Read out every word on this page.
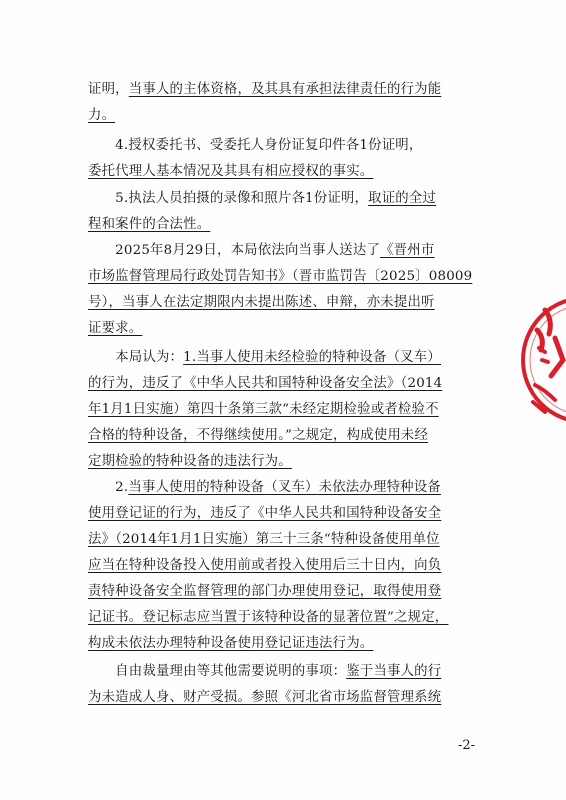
证明，当事人的主体资格，及其具有承担法律责任的行为能
力。
　　4.授权委托书、受委托人身份证复印件各1份证明，
委托代理人基本情况及其具有相应授权的事实。
　　5.执法人员拍摄的录像和照片各1份证明，取证的全过
程和案件的合法性。
　　2025年8月29日，本局依法向当事人送达了《晋州市
市场监督管理局行政处罚告知书》（晋市监罚告〔2025〕08009
号），当事人在法定期限内未提出陈述、申辩，亦未提出听
证要求。
　　本局认为：1.当事人使用未经检验的特种设备（叉车）
的行为，违反了《中华人民共和国特种设备安全法》（2014
年1月1日实施）第四十条第三款“未经定期检验或者检验不
合格的特种设备，不得继续使用。”之规定，构成使用未经
定期检验的特种设备的违法行为。
　　2.当事人使用的特种设备（叉车）未依法办理特种设备
使用登记证的行为，违反了《中华人民共和国特种设备安全
法》（2014年1月1日实施）第三十三条“特种设备使用单位
应当在特种设备投入使用前或者投入使用后三十日内，向负
责特种设备安全监督管理的部门办理使用登记，取得使用登
记证书。登记标志应当置于该特种设备的显著位置”之规定，
构成未依法办理特种设备使用登记证违法行为。
　　自由裁量理由等其他需要说明的事项：鉴于当事人的行
为未造成人身、财产受损。参照《河北省市场监督管理系统
-2-
